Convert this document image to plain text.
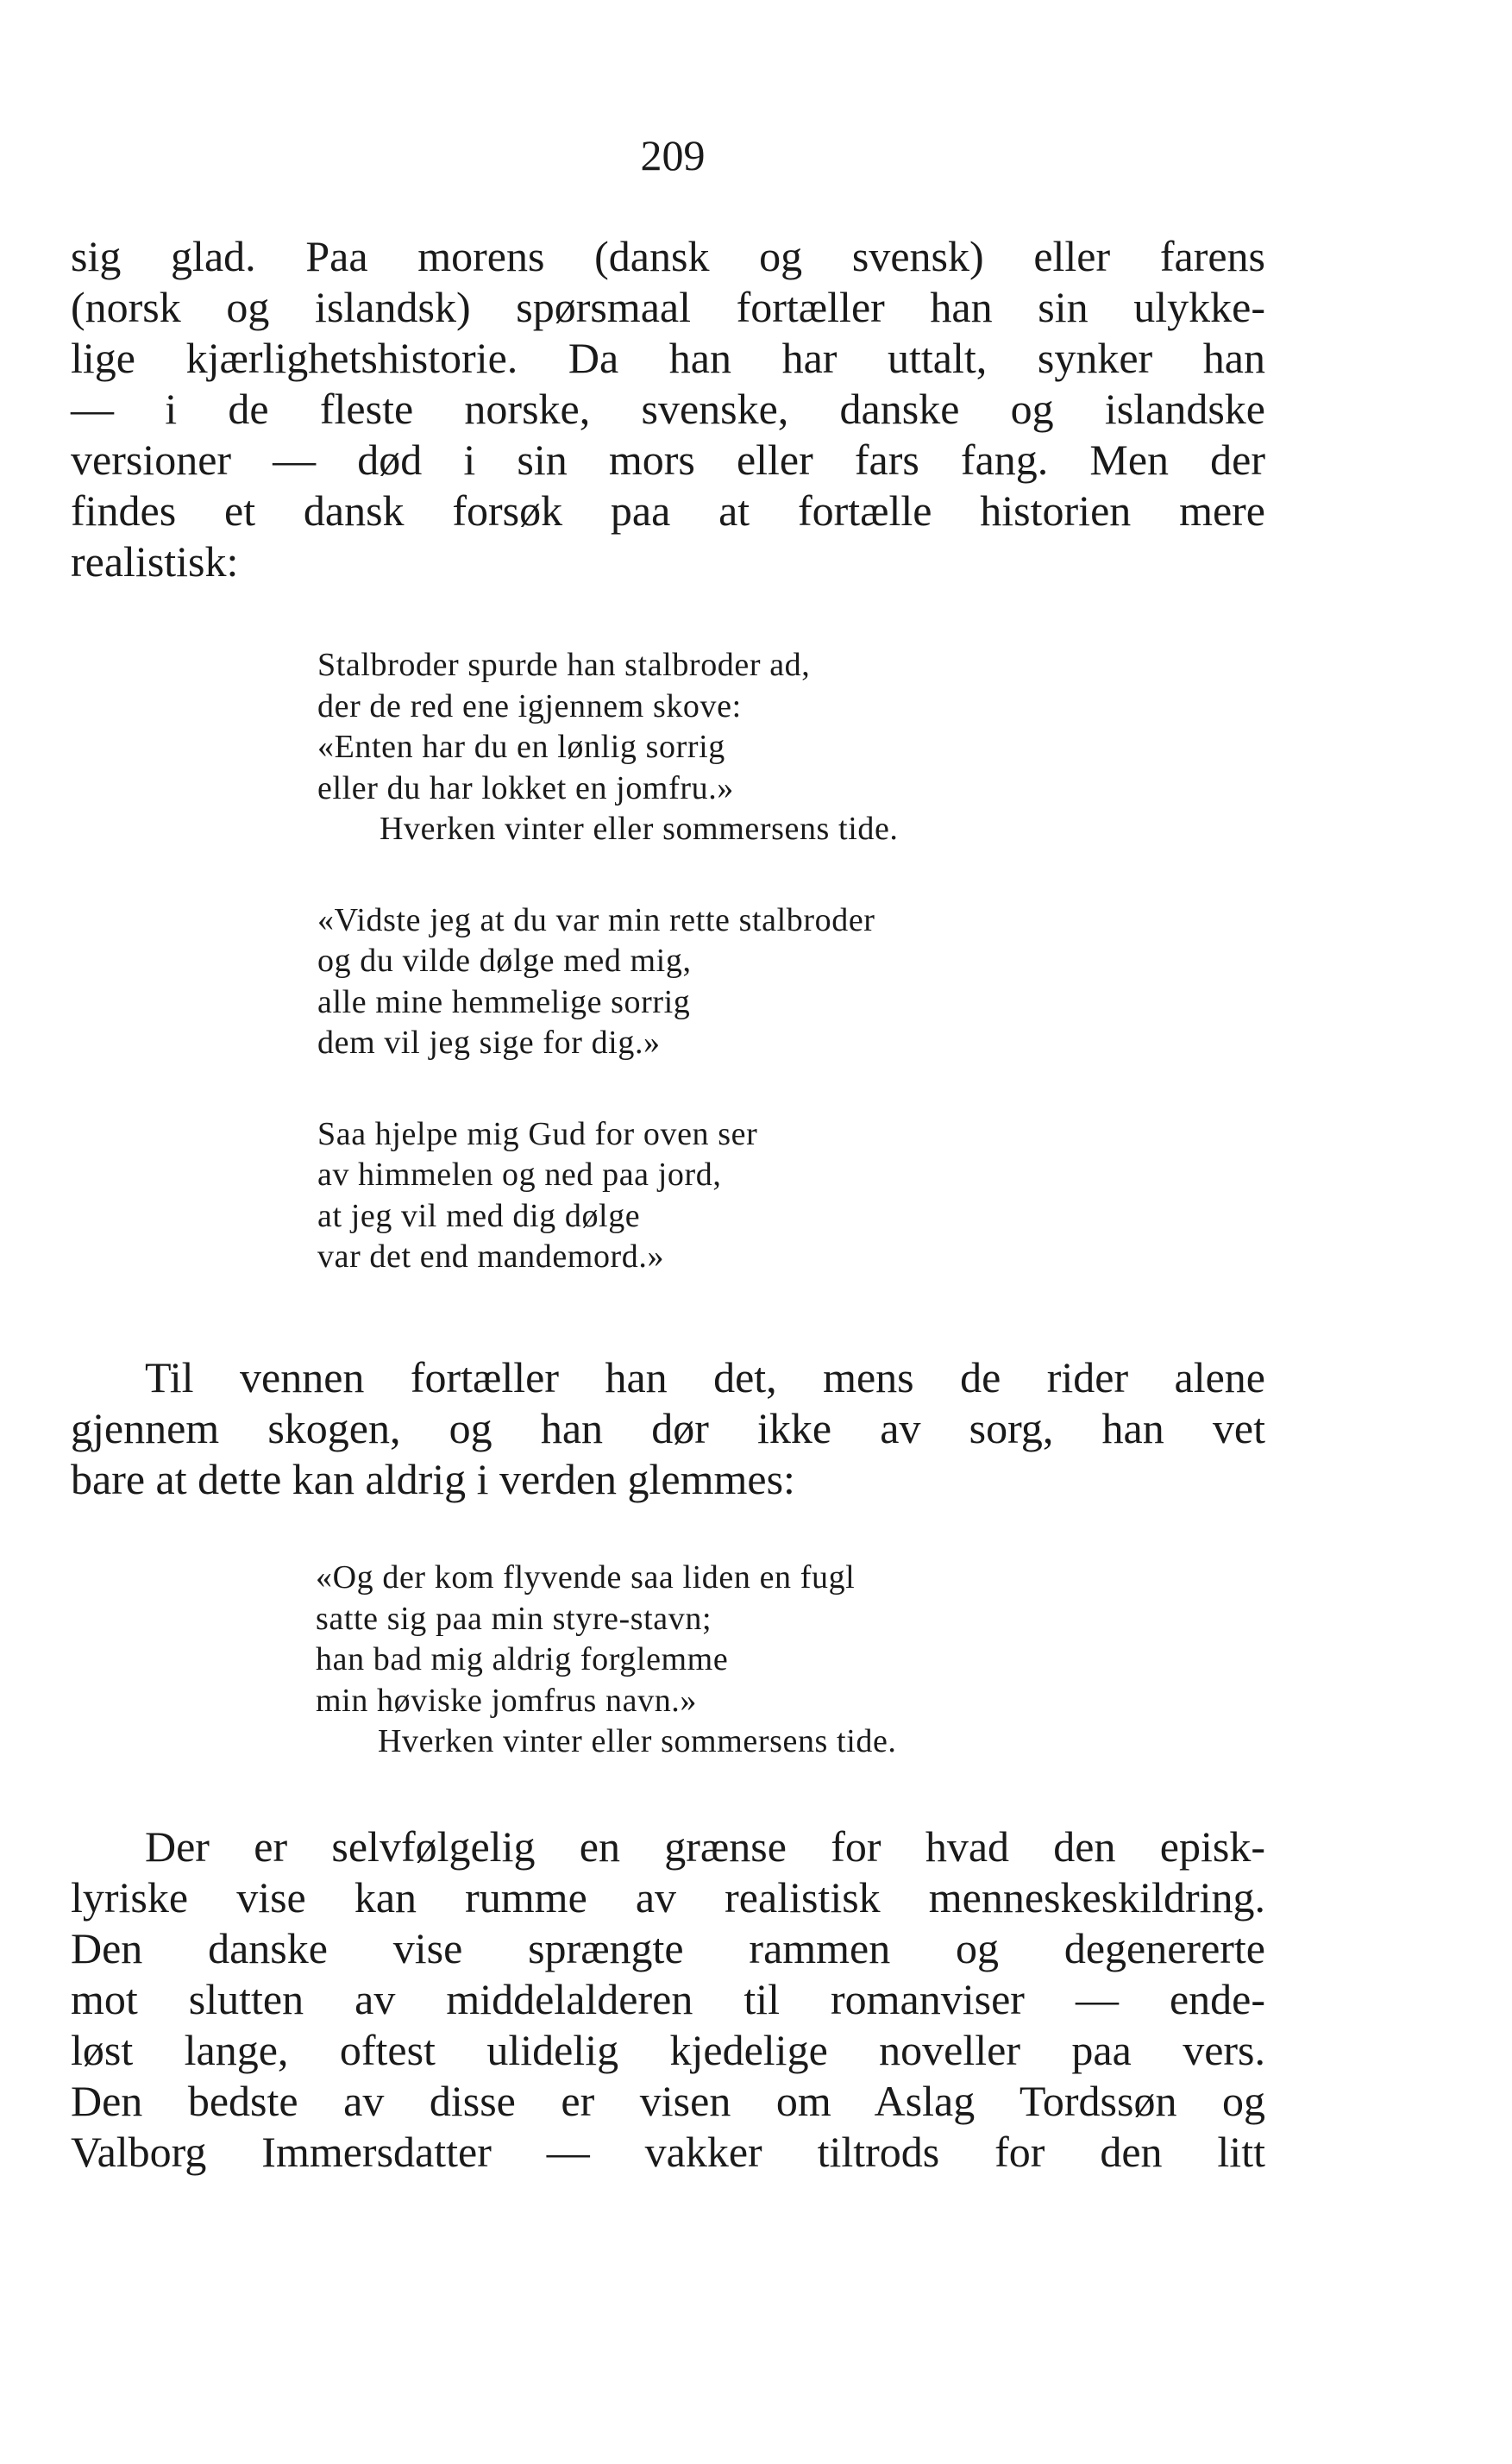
209
sig glad. Paa morens (dansk og svensk) eller farens
(norsk og islandsk) spørsmaal fortæller han sin ulykke-
lige kjærlighetshistorie. Da han har uttalt, synker han
— i de fleste norske, svenske, danske og islandske
versioner — død i sin mors eller fars fang. Men der
findes et dansk forsøk paa at fortælle historien mere
realistisk:
Stalbroder spurde han stalbroder ad,
der de red ene igjennem skove:
«Enten har du en lønlig sorrig
eller du har lokket en jomfru.»
Hverken vinter eller sommersens tide.
«Vidste jeg at du var min rette stalbroder
og du vilde dølge med mig,
alle mine hemmelige sorrig
dem vil jeg sige for dig.»
Saa hjelpe mig Gud for oven ser
av himmelen og ned paa jord,
at jeg vil med dig dølge
var det end mandemord.»
Til vennen fortæller han det, mens de rider alene
gjennem skogen, og han dør ikke av sorg, han vet
bare at dette kan aldrig i verden glemmes:
«Og der kom flyvende saa liden en fugl
satte sig paa min styre-stavn;
han bad mig aldrig forglemme
min høviske jomfrus navn.»
Hverken vinter eller sommersens tide.
Der er selvfølgelig en grænse for hvad den episk-
lyriske vise kan rumme av realistisk menneskeskildring.
Den danske vise sprængte rammen og degenererte
mot slutten av middelalderen til romanviser — ende-
løst lange, oftest ulidelig kjedelige noveller paa vers.
Den bedste av disse er visen om Aslag Tordssøn og
Valborg Immersdatter — vakker tiltrods for den litt
